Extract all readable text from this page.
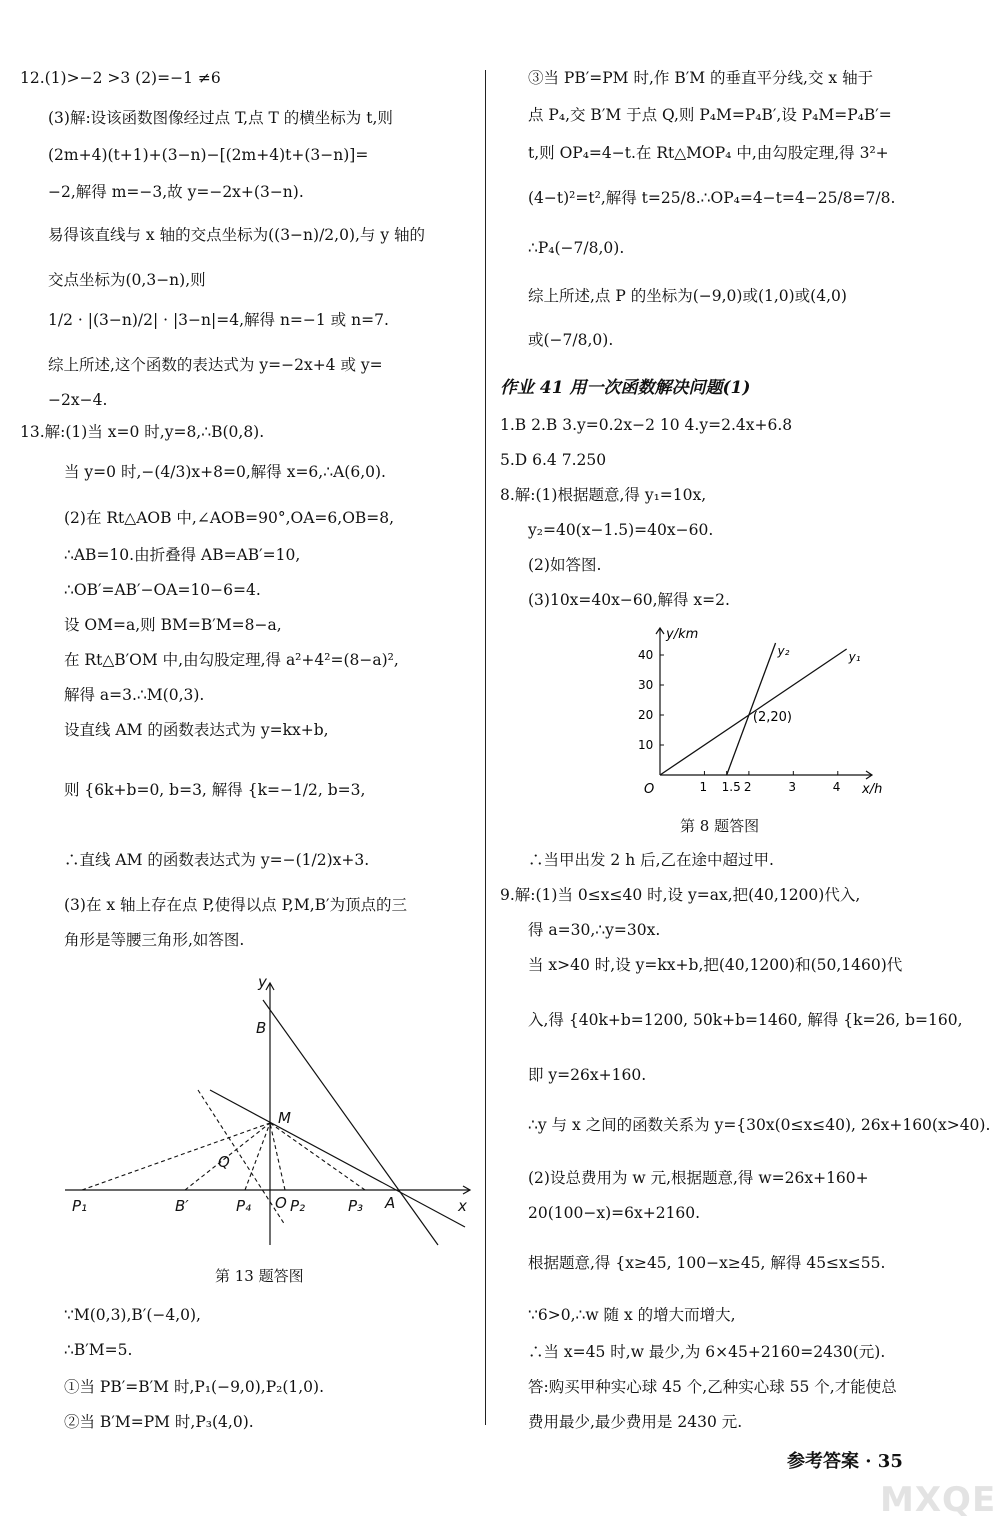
12.(1)>−2 >3 (2)=−1 ≠6
(3)解:设该函数图像经过点 T,点 T 的横坐标为 t,则
(2m+4)(t+1)+(3−n)−[(2m+4)t+(3−n)]=
−2,解得 m=−3,故 y=−2x+(3−n).
易得该直线与 x 轴的交点坐标为((3−n)/2,0),与 y 轴的
交点坐标为(0,3−n),则
1/2 · |(3−n)/2| · |3−n|=4,解得 n=−1 或 n=7.
综上所述,这个函数的表达式为 y=−2x+4 或 y=
−2x−4.
13.解:(1)当 x=0 时,y=8,∴B(0,8).
当 y=0 时,−(4/3)x+8=0,解得 x=6,∴A(6,0).
(2)在 Rt△AOB 中,∠AOB=90°,OA=6,OB=8,
∴AB=10.由折叠得 AB=AB′=10,
∴OB′=AB′−OA=10−6=4.
设 OM=a,则 BM=B′M=8−a,
在 Rt△B′OM 中,由勾股定理,得 a²+4²=(8−a)²,
解得 a=3.∴M(0,3).
设直线 AM 的函数表达式为 y=kx+b,
则 {6k+b=0, b=3, 解得 {k=−1/2, b=3,
∴直线 AM 的函数表达式为 y=−(1/2)x+3.
(3)在 x 轴上存在点 P,使得以点 P,M,B′为顶点的三
角形是等腰三角形,如答图.
y
x
B
M
Q
O
P₁	B′	P₄	P₂	P₃ A
第 13 题答图
∵M(0,3),B′(−4,0),
∴B′M=5.
①当 PB′=B′M 时,P₁(−9,0),P₂(1,0).
②当 B′M=PM 时,P₃(4,0).
③当 PB′=PM 时,作 B′M 的垂直平分线,交 x 轴于
点 P₄,交 B′M 于点 Q,则 P₄M=P₄B′,设 P₄M=P₄B′=
t,则 OP₄=4−t.在 Rt△MOP₄ 中,由勾股定理,得 3²+
(4−t)²=t²,解得 t=25/8.∴OP₄=4−t=4−25/8=7/8.
∴P₄(−7/8,0).
综上所述,点 P 的坐标为(−9,0)或(1,0)或(4,0)
或(−7/8,0).
作业 41 用一次函数解决问题(1)
1.B 2.B 3.y=0.2x−2 10 4.y=2.4x+6.8
5.D 6.4 7.250
8.解:(1)根据题意,得 y₁=10x,
y₂=40(x−1.5)=40x−60.
(2)如答图.
(3)10x=40x−60,解得 x=2.
y/km
x/h
O	1 1.5 2	3	4
10
20
30
40	y₁
y₂
(2,20)
第 8 题答图
∴当甲出发 2 h 后,乙在途中超过甲.
9.解:(1)当 0≤x≤40 时,设 y=ax,把(40,1200)代入,
得 a=30,∴y=30x.
当 x>40 时,设 y=kx+b,把(40,1200)和(50,1460)代
入,得 {40k+b=1200, 50k+b=1460, 解得 {k=26, b=160,
即 y=26x+160.
∴y 与 x 之间的函数关系为 y={30x(0≤x≤40), 26x+160(x>40).
(2)设总费用为 w 元,根据题意,得 w=26x+160+
20(100−x)=6x+2160.
根据题意,得 {x≥45, 100−x≥45, 解得 45≤x≤55.
∵6>0,∴w 随 x 的增大而增大,
∴当 x=45 时,w 最少,为 6×45+2160=2430(元).
答:购买甲种实心球 45 个,乙种实心球 55 个,才能使总
费用最少,最少费用是 2430 元.
参考答案 · 35
MXQE
